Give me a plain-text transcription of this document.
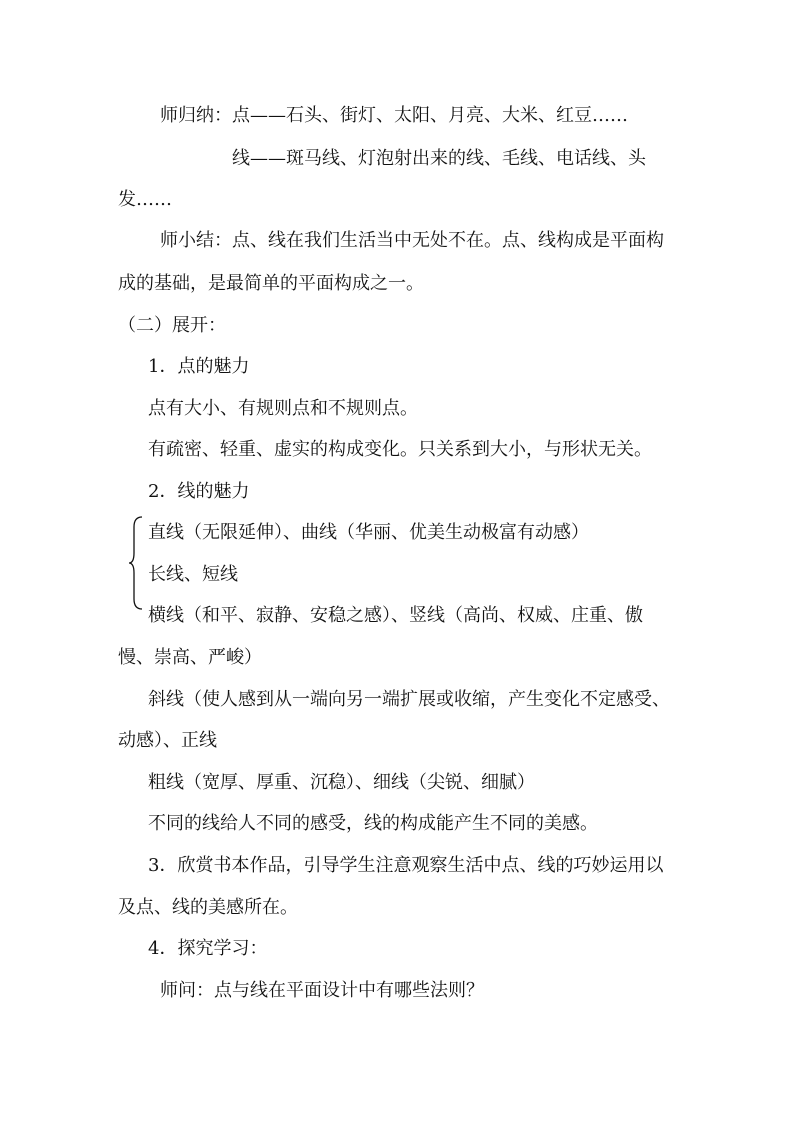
师归纳：点——石头、街灯、太阳、月亮、大米、红豆……
线——斑马线、灯泡射出来的线、毛线、电话线、头
发……
师小结：点、线在我们生活当中无处不在。点、线构成是平面构
成的基础，是最简单的平面构成之一。
（二）展开：
1．点的魅力
点有大小、有规则点和不规则点。
有疏密、轻重、虚实的构成变化。只关系到大小，与形状无关。
2．线的魅力
直线（无限延伸）、曲线（华丽、优美生动极富有动感）
长线、短线
横线（和平、寂静、安稳之感）、竖线（高尚、权威、庄重、傲
慢、崇高、严峻）
斜线（使人感到从一端向另一端扩展或收缩，产生变化不定感受、
动感）、正线
粗线（宽厚、厚重、沉稳）、细线（尖锐、细腻）
不同的线给人不同的感受，线的构成能产生不同的美感。
3．欣赏书本作品，引导学生注意观察生活中点、线的巧妙运用以
及点、线的美感所在。
4．探究学习：
师问：点与线在平面设计中有哪些法则？
